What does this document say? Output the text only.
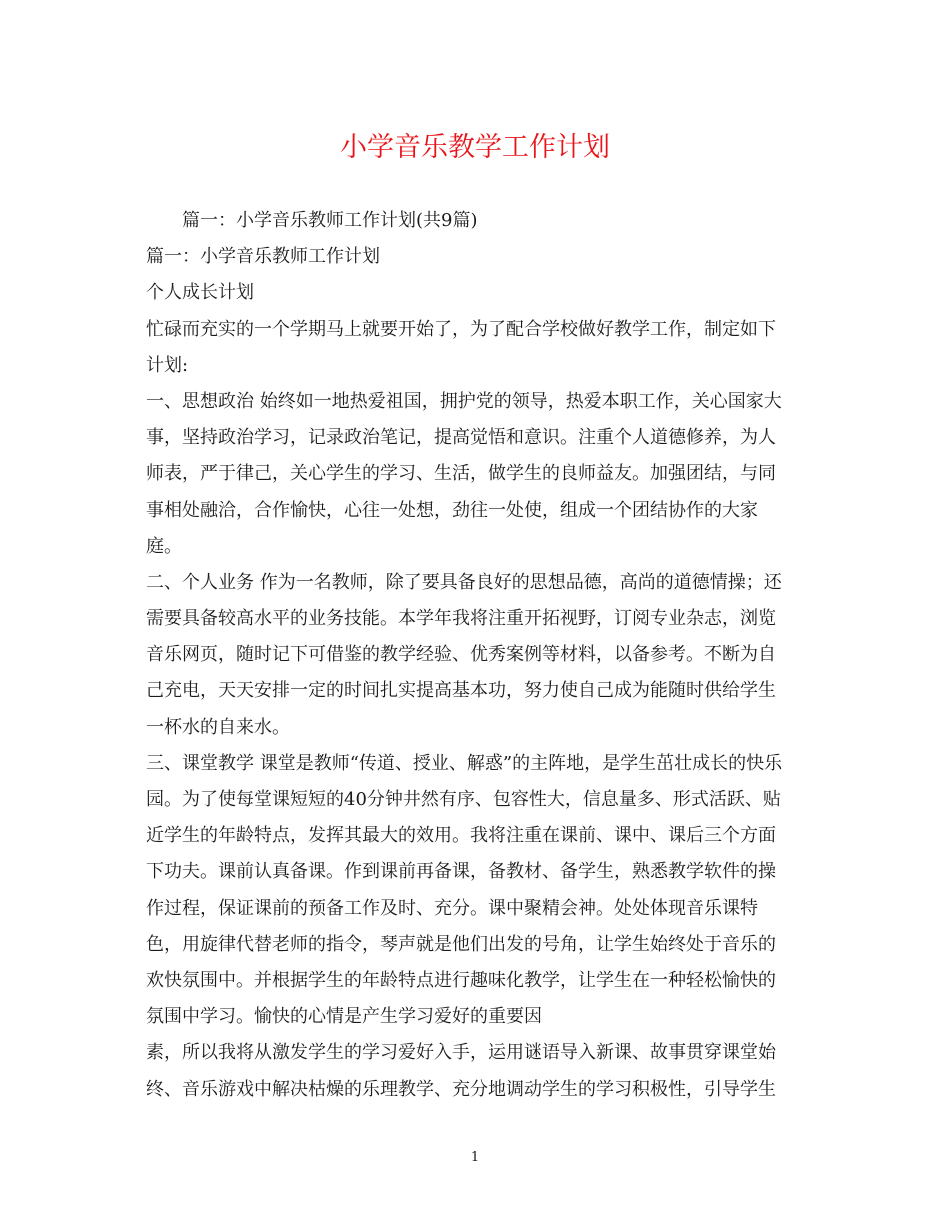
小学音乐教学工作计划

篇一：小学音乐教师工作计划(共9篇)

篇一：小学音乐教师工作计划

个人成长计划

忙碌而充实的一个学期马上就要开始了，为了配合学校做好教学工作，制定如下

计划:

一、思想政治 始终如一地热爱祖国，拥护党的领导，热爱本职工作，关心国家大

事，坚持政治学习，记录政治笔记，提高觉悟和意识。注重个人道德修养，为人

师表，严于律己，关心学生的学习、生活，做学生的良师益友。加强团结，与同

事相处融洽，合作愉快，心往一处想，劲往一处使，组成一个团结协作的大家

庭。

二、个人业务 作为一名教师，除了要具备良好的思想品德，高尚的道德情操；还

需要具备较高水平的业务技能。本学年我将注重开拓视野，订阅专业杂志，浏览

音乐网页，随时记下可借鉴的教学经验、优秀案例等材料，以备参考。不断为自

己充电，天天安排一定的时间扎实提高基本功，努力使自己成为能随时供给学生

一杯水的自来水。

三、课堂教学 课堂是教师“传道、授业、解惑”的主阵地，是学生茁壮成长的快乐

园。为了使每堂课短短的40分钟井然有序、包容性大，信息量多、形式活跃、贴

近学生的年龄特点，发挥其最大的效用。我将注重在课前、课中、课后三个方面

下功夫。课前认真备课。作到课前再备课，备教材、备学生，熟悉教学软件的操

作过程，保证课前的预备工作及时、充分。课中聚精会神。处处体现音乐课特

色，用旋律代替老师的指令，琴声就是他们出发的号角，让学生始终处于音乐的

欢快氛围中。并根据学生的年龄特点进行趣味化教学，让学生在一种轻松愉快的

氛围中学习。愉快的心情是产生学习爱好的重要因

素，所以我将从激发学生的学习爱好入手，运用谜语导入新课、故事贯穿课堂始

终、音乐游戏中解决枯燥的乐理教学、充分地调动学生的学习积极性，引导学生

1
